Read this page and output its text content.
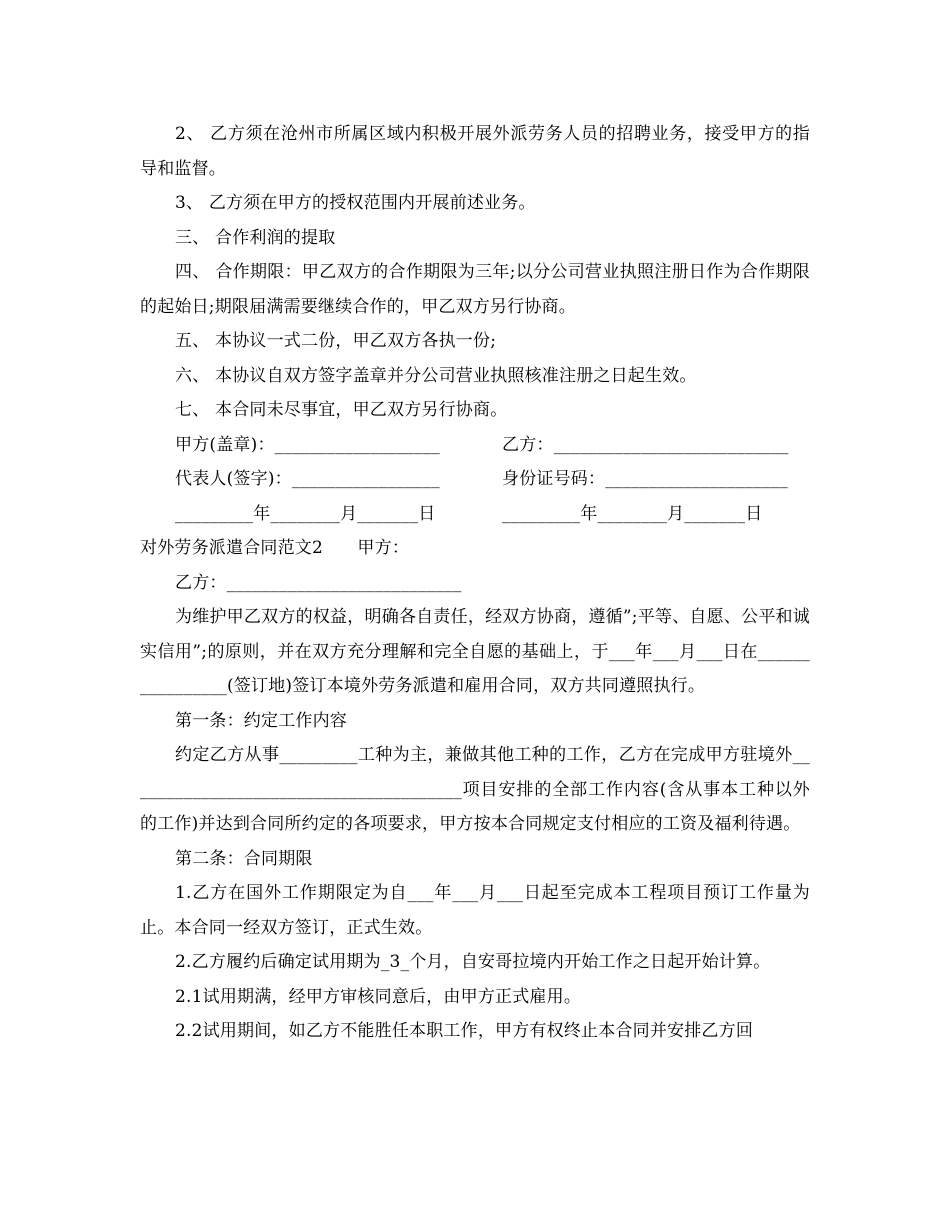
2、 乙方须在沧州市所属区域内积极开展外派劳务人员的招聘业务，接受甲方的指导和监督。

3、 乙方须在甲方的授权范围内开展前述业务。

三、 合作利润的提取

四、 合作期限：甲乙双方的合作期限为三年;以分公司营业执照注册日作为合作期限的起始日;期限届满需要继续合作的，甲乙双方另行协商。

五、 本协议一式二份，甲乙双方各执一份;

六、 本协议自双方签字盖章并分公司营业执照核准注册之日起生效。

七、 本合同未尽事宜，甲乙双方另行协商。

甲方(盖章)：___________________	乙方：___________________________
代表人(签字)：_________________	身份证号码：_____________________
_________年________月_______日	_________年________月_______日

对外劳务派遣合同范文2　　甲方：

乙方：___________________________

为维护甲乙双方的权益，明确各自责任，经双方协商，遵循”;平等、自愿、公平和诚实信用”;的原则，并在双方充分理解和完全自愿的基础上，于___年___月___日在________________(签订地)签订本境外劳务派遣和雇用合同，双方共同遵照执行。

第一条：约定工作内容

约定乙方从事_________工种为主，兼做其他工种的工作，乙方在完成甲方驻境外_______________________________________项目安排的全部工作内容(含从事本工种以外的工作)并达到合同所约定的各项要求，甲方按本合同规定支付相应的工资及福利待遇。

第二条：合同期限

1.乙方在国外工作期限定为自___年___月___日起至完成本工程项目预订工作量为止。本合同一经双方签订，正式生效。

2.乙方履约后确定试用期为_3_个月，自安哥拉境内开始工作之日起开始计算。

2.1试用期满，经甲方审核同意后，由甲方正式雇用。

2.2试用期间，如乙方不能胜任本职工作，甲方有权终止本合同并安排乙方回
